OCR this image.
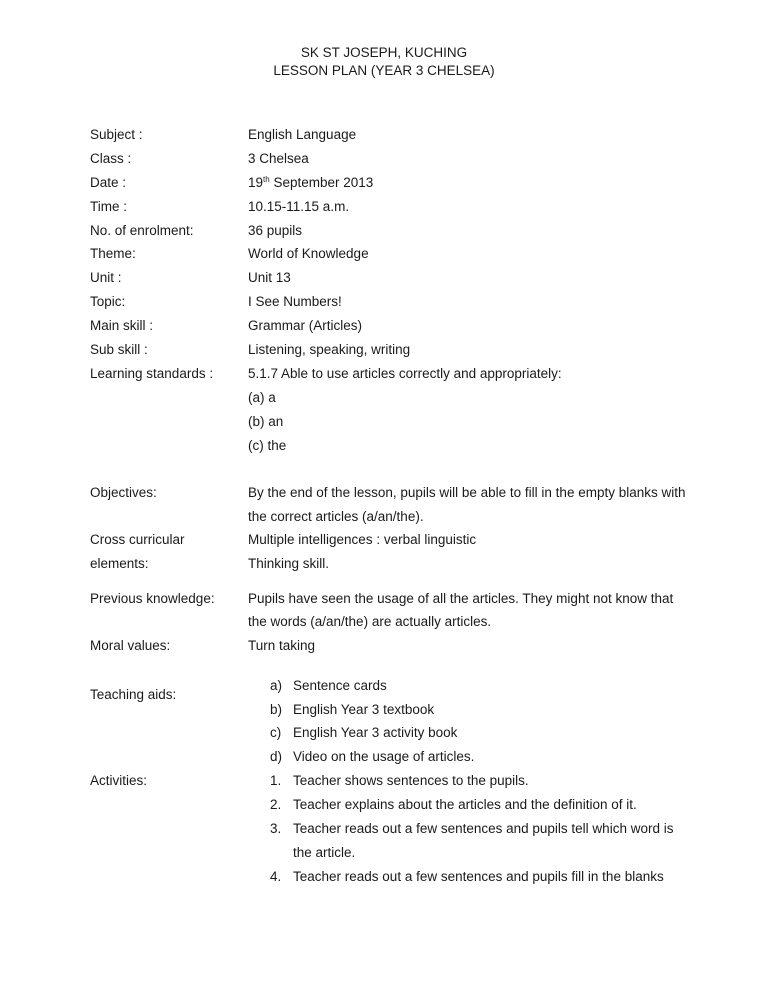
SK ST JOSEPH, KUCHING
LESSON PLAN (YEAR 3 CHELSEA)
Subject :	English Language
Class :	3 Chelsea
Date :	19th September 2013
Time :	10.15-11.15 a.m.
No. of enrolment:	36 pupils
Theme:	World of Knowledge
Unit :	Unit 13
Topic:	I See Numbers!
Main skill :	Grammar (Articles)
Sub skill :	Listening, speaking, writing
Learning standards :	5.1.7 Able to use articles correctly and appropriately:
(a) a
(b) an
(c) the
Objectives:	By the end of the lesson, pupils will be able to fill in the empty blanks with
the correct articles (a/an/the).
Cross curricular	Multiple intelligences : verbal linguistic
elements:	Thinking skill.
Previous knowledge: Pupils have seen the usage of all the articles. They might not know that
the words (a/an/the) are actually articles.
Moral values:	Turn taking
Teaching aids:
a) Sentence cards
b) English Year 3 textbook
c) English Year 3 activity book
d) Video on the usage of articles.
Activities:	1. Teacher shows sentences to the pupils.
2. Teacher explains about the articles and the definition of it.
3. Teacher reads out a few sentences and pupils tell which word is
the article.
4. Teacher reads out a few sentences and pupils fill in the blanks
